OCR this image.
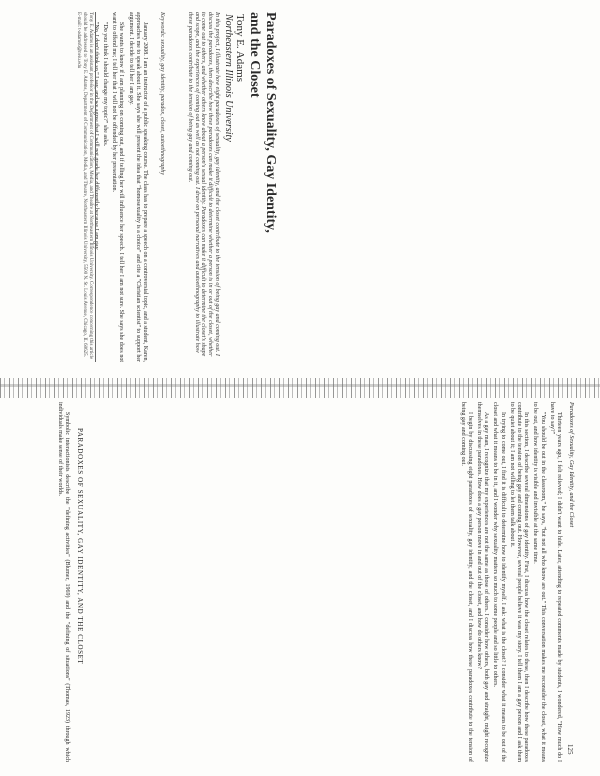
Paradoxes of Sexuality, Gay Identity, and the Closet
Tony E. Adams
Northeastern Illinois University
In this project, I illustrate how eight paradoxes of sexuality, gay identity, and the closet contribute to the tension of being gay and coming out. I discuss the paradoxes, then describe how these paradoxes can make it difficult to determine whether a person is in or out of the closet, whether to come out to others, and whether others know about a person's sexual identity. Paradoxes can make it difficult to determine the closet's shape and scope, and the experiences of coming out as well as not coming out. I draw on personal narratives and autoethnography to illustrate how these paradoxes contribute to the tension of being gay and coming out.
Keywords: sexuality, gay identity, paradox, closet, autoethnography

January 2008. I am an instructor of a public speaking course. The class has to prepare a speech on a controversial topic, and a student, Karen, approaches me to speak about it. She says she will present the idea that "homosexuality is a choice" and cite a "Christian scientist" to support her argument. I decide to tell her I am gay.

She wants to know if I am planning on coming out, and if telling her will influence her speech. I tell her I am not sure. She says she does not want to offend me; I tell her that I will not be offended by her presentation.

"Do you think I should change my topic?" she asks.

"No, I don't think so," I say, and we agree that I will not grade her differently because I am gay.

Tony E. Adams is an assistant professor in the Department of Communication, Media, and Theatre at Northeastern Illinois University. Correspondence concerning this article should be addressed to Tony E. Adams, Department of Communication, Media, and Theatre, Northeastern Illinois University, 5500 N. St. Louis Avenue, Chicago, IL 60625. E-mail: t-adams6@neiu.edu
Paradoxes of Sexuality, Gay Identity, and the Closet
125

Thirteen years ago, I felt relieved; I didn't want to hide. Later, attending to repeated comments made by students, I wondered, "How much do I have to say?"

"You should be out in the classroom," he says, "but not all who know are out." This conversation makes me reconsider the closet, what it means to be out, and how identity is visible and invisible at the same time.

In this section, I describe several dimensions of gay identity. First, I discuss how the closet relates to these, then I describe how these paradoxes contribute to the tension of being gay and coming out. However, several people believe it was my story. I tell them I am a gay person and I ask them to be quiet about it; I am not willing to let them talk about it.

In trying to come out, I find it is difficult to determine how to identify myself. I ask: what is the closet? I consider what it means to be out of the closet and what it means to be in it, and I wonder why sexuality matters so much to some people and so little to others.

As a gay man, I recognize that my experiences are not the same as those of others. I consider how others, both gay and straight, might recognize themselves in these paradoxes. How does a gay person move in and out of the closet, and how do others know?

I begin by discussing eight paradoxes of sexuality, gay identity, and the closet, and I discuss how these paradoxes contribute to the tension of being gay and coming out.

PARADOXES OF SEXUALITY, GAY IDENTITY, AND THE CLOSET
Symbolic interactionists describe the "defining activities" (Blumer, 1969) and the "defining of situations" (Thomas, 1923) through which individuals make sense of their worlds.
